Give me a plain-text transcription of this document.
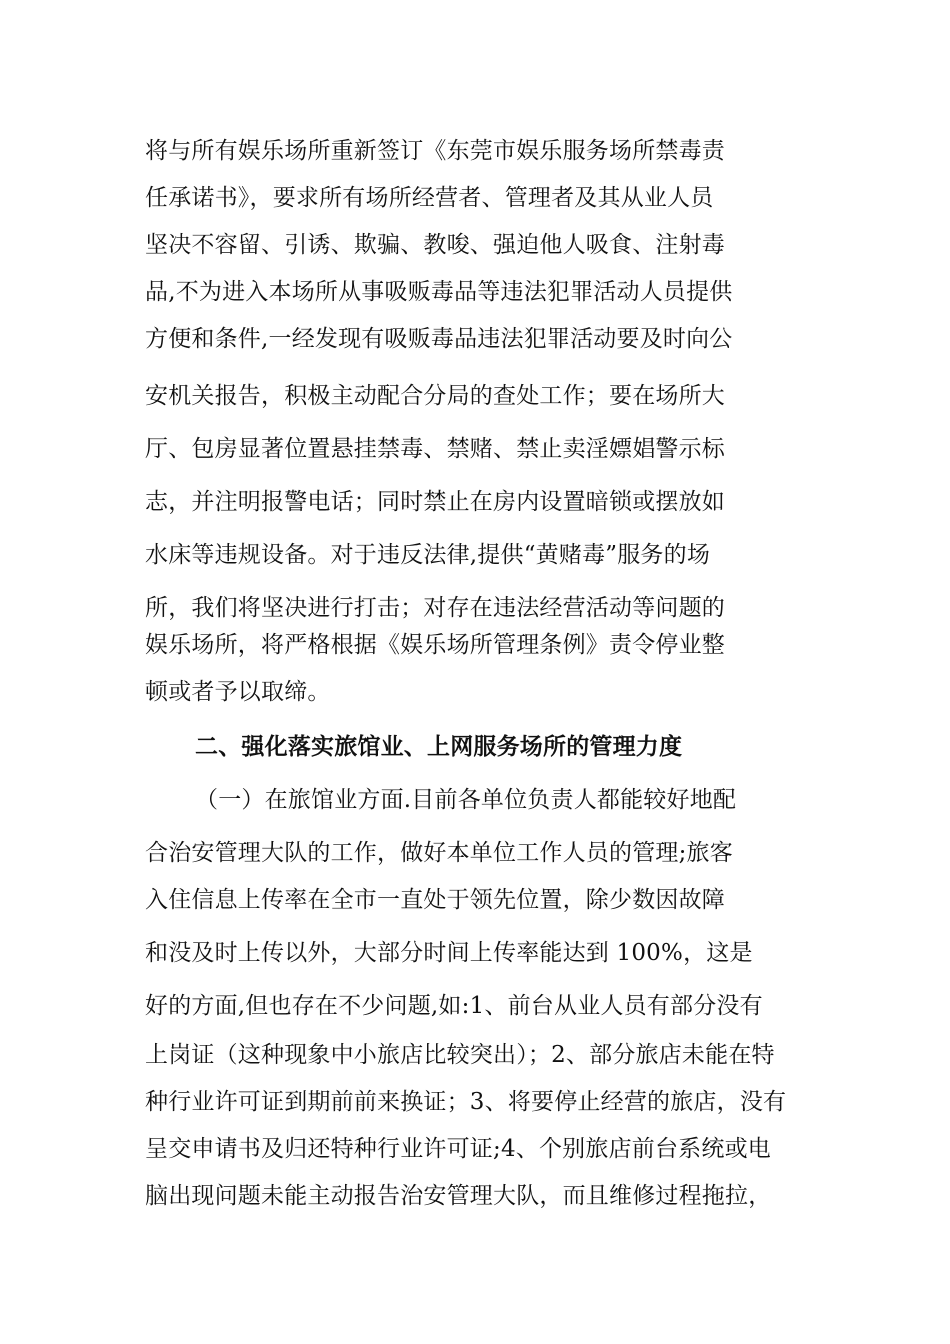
将与所有娱乐场所重新签订《东莞市娱乐服务场所禁毒责
任承诺书》，要求所有场所经营者、管理者及其从业人员
坚决不容留、引诱、欺骗、教唆、强迫他人吸食、注射毒
品,不为进入本场所从事吸贩毒品等违法犯罪活动人员提供
方便和条件,一经发现有吸贩毒品违法犯罪活动要及时向公
安机关报告，积极主动配合分局的查处工作；要在场所大
厅、包房显著位置悬挂禁毒、禁赌、禁止卖淫嫖娼警示标
志，并注明报警电话；同时禁止在房内设置暗锁或摆放如
水床等违规设备。对于违反法律,提供“黄赌毒”服务的场
所，我们将坚决进行打击；对存在违法经营活动等问题的
娱乐场所，将严格根据《娱乐场所管理条例》责令停业整
顿或者予以取缔。
二、强化落实旅馆业、上网服务场所的管理力度
（一）在旅馆业方面.目前各单位负责人都能较好地配
合治安管理大队的工作，做好本单位工作人员的管理;旅客
入住信息上传率在全市一直处于领先位置，除少数因故障
和没及时上传以外，大部分时间上传率能达到 100%，这是
好的方面,但也存在不少问题,如:1、前台从业人员有部分没有
上岗证（这种现象中小旅店比较突出）；2、部分旅店未能在特
种行业许可证到期前前来换证；3、将要停止经营的旅店，没有
呈交申请书及归还特种行业许可证;4、个别旅店前台系统或电
脑出现问题未能主动报告治安管理大队，而且维修过程拖拉，
